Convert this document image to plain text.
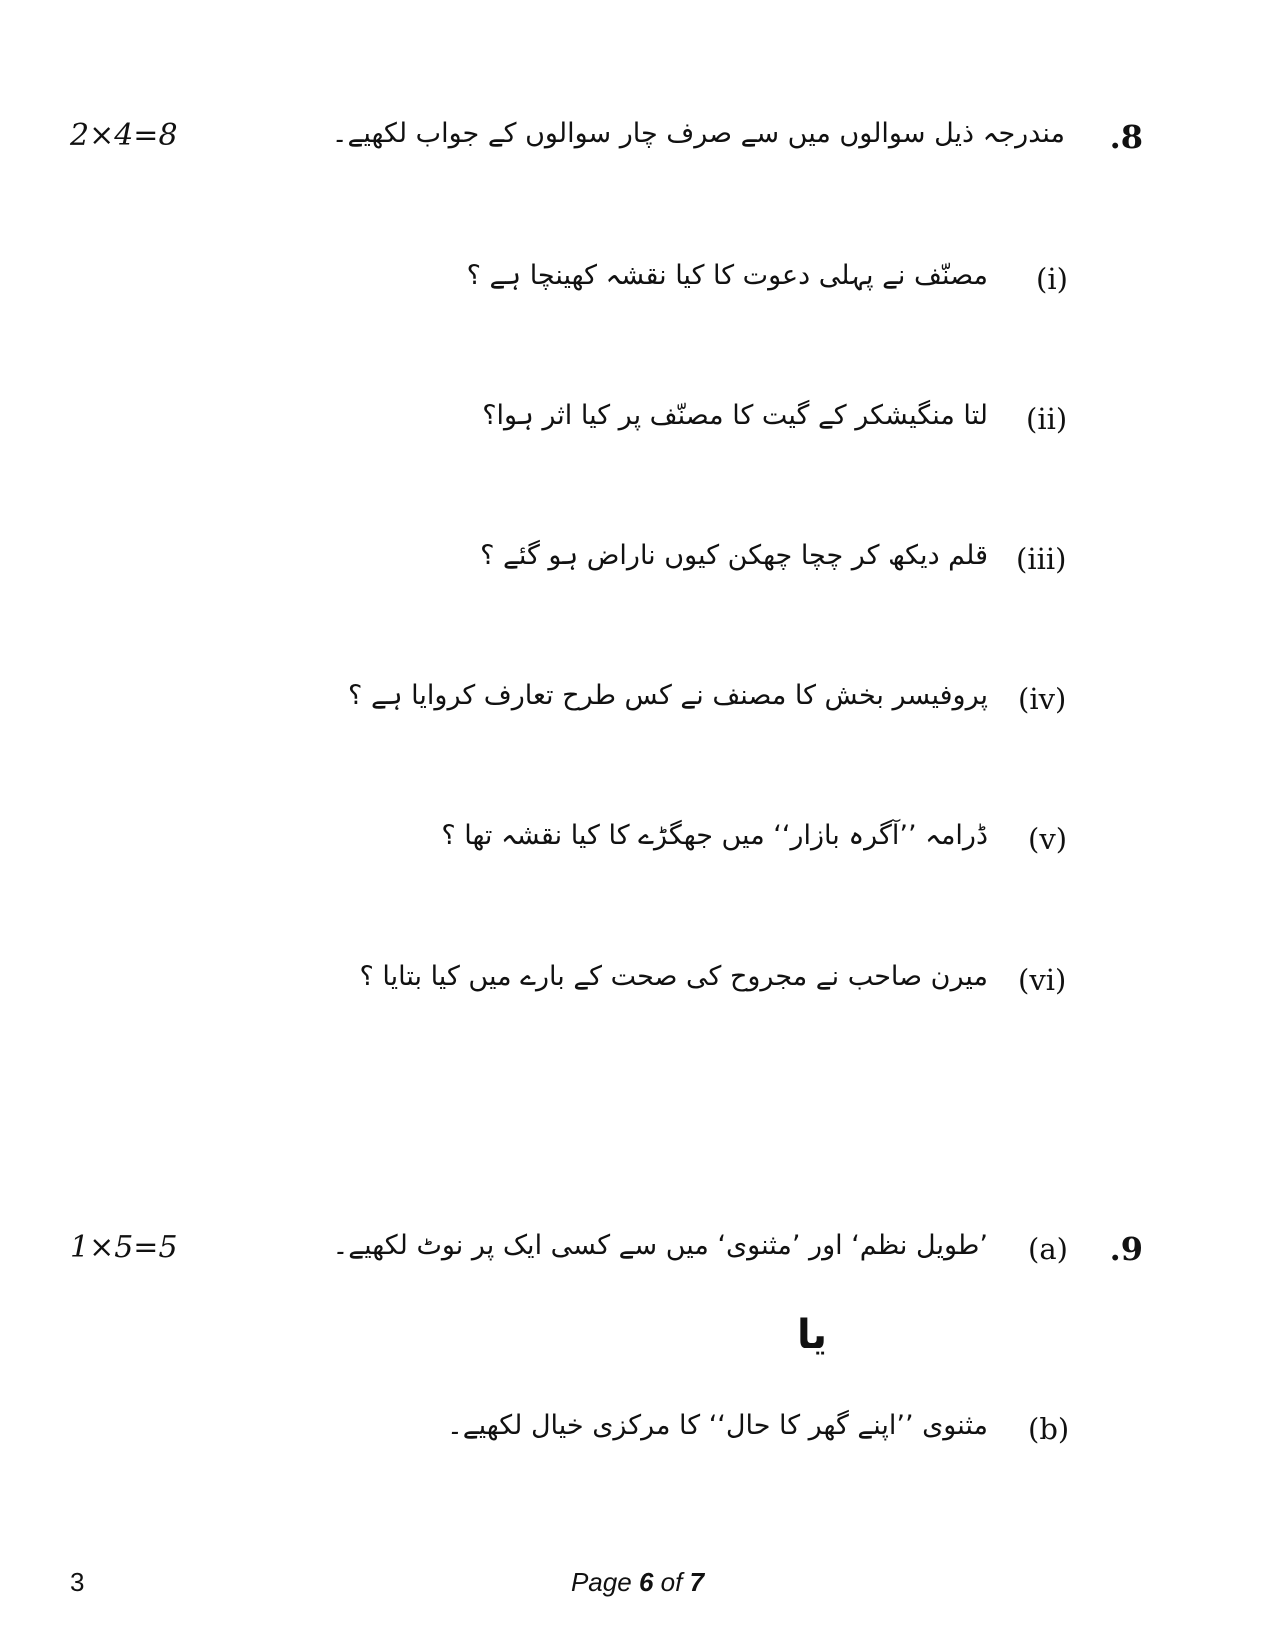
.8
مندرجہ ذیل سوالوں میں سے صرف چار سوالوں کے جواب لکھیے۔
2×4=8
(i)
مصنّف نے پہلی دعوت کا کیا نقشہ کھینچا ہے ؟
(ii)
لتا منگیشکر کے گیت کا مصنّف پر کیا اثر ہوا؟
(iii)
قلم دیکھ کر چچا چھکن کیوں ناراض ہو گئے ؟
(iv)
پروفیسر بخش کا مصنف نے کس طرح تعارف کروایا ہے ؟
(v)
ڈرامہ ’’آگرہ بازار‘‘ میں جھگڑے کا کیا نقشہ تھا ؟
(vi)
میرن صاحب نے مجروح کی صحت کے بارے میں کیا بتایا ؟
.9
(a)
’طویل نظم‘ اور ’مثنوی‘ میں سے کسی ایک پر نوٹ لکھیے۔
1×5=5
یا
(b)
مثنوی ’’اپنے گھر کا حال‘‘ کا مرکزی خیال لکھیے۔
3	Page 6 of 7
